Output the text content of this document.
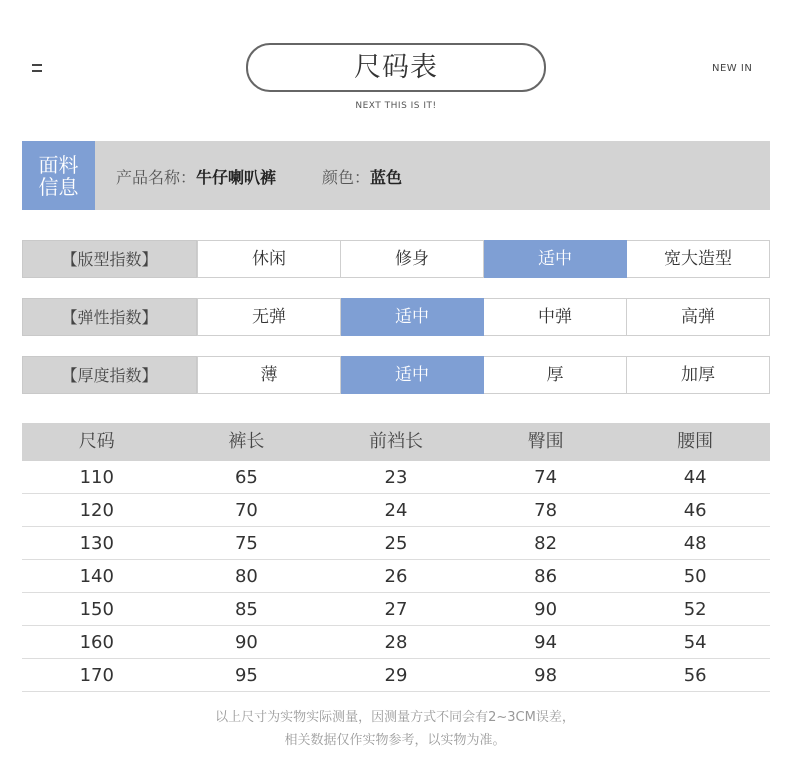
尺码表
NEXT THIS IS IT!
NEW IN
面料
信息	产品名称：牛仔喇叭裤	颜色：蓝色
【版型指数】	休闲	修身	适中	宽大造型
【弹性指数】	无弹	适中	中弹	高弹
【厚度指数】	薄	适中	厚	加厚
尺码	裤长	前裆长	臀围	腰围
110	65	23	74	44
120	70	24	78	46
130	75	25	82	48
140	80	26	86	50
150	85	27	90	52
160	90	28	94	54
170	95	29	98	56
以上尺寸为实物实际测量，因测量方式不同会有2~3CM误差，
相关数据仅作实物参考，以实物为准。
